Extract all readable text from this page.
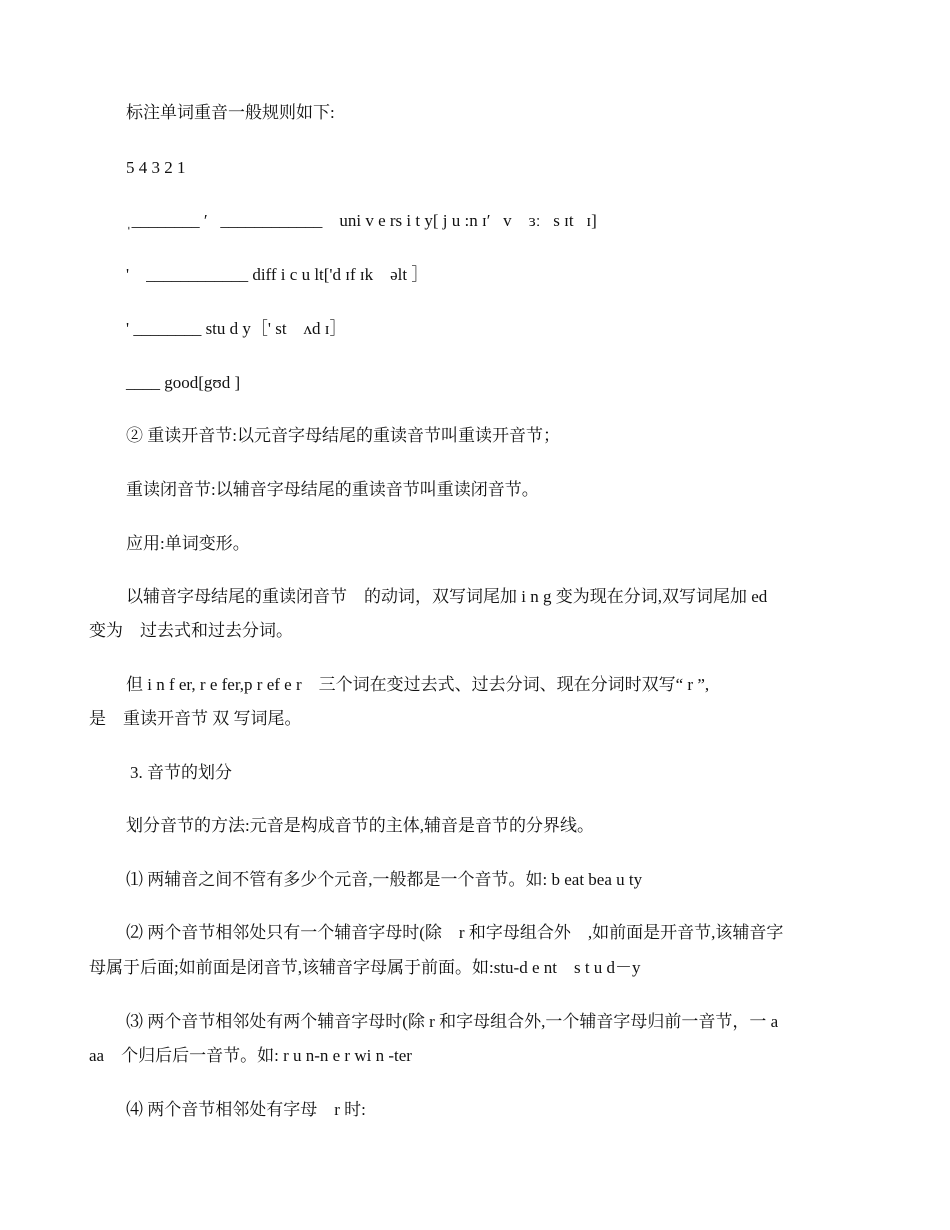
标注单词重音一般规则如下:
5 4 3 2 1
ˌ________ ′   ____________    uni v e rs i t y[ j u :n ɪ′   v    ɜː   s ɪt   ɪ]
'    ____________ diff i c u lt['d ɪf ɪk    əlt ］
' ________ stu d y［' st    ʌd ɪ］
____ good[gʊd ]
② 重读开音节:以元音字母结尾的重读音节叫重读开音节；
重读闭音节:以辅音字母结尾的重读音节叫重读闭音节。
应用:单词变形。
以辅音字母结尾的重读闭音节    的动词，双写词尾加 i n g 变为现在分词,双写词尾加 ed
变为    过去式和过去分词。
但 i n f er, r e fer,p r ef e r    三个词在变过去式、过去分词、现在分词时双写“ r ”,
是    重读开音节 双 写词尾。
3. 音节的划分
划分音节的方法:元音是构成音节的主体,辅音是音节的分界线。
⑴ 两辅音之间不管有多少个元音,一般都是一个音节。如: b eat bea u ty
⑵ 两个音节相邻处只有一个辅音字母时(除    r 和字母组合外    ,如前面是开音节,该辅音字
母属于后面;如前面是闭音节,该辅音字母属于前面。如:stu-d e nt    s t u d－y
⑶ 两个音节相邻处有两个辅音字母时(除 r 和字母组合外,一个辅音字母归前一音节，一 a
aa    个归后后一音节。如: r u n-n e r wi n -ter
⑷ 两个音节相邻处有字母    r 时:
